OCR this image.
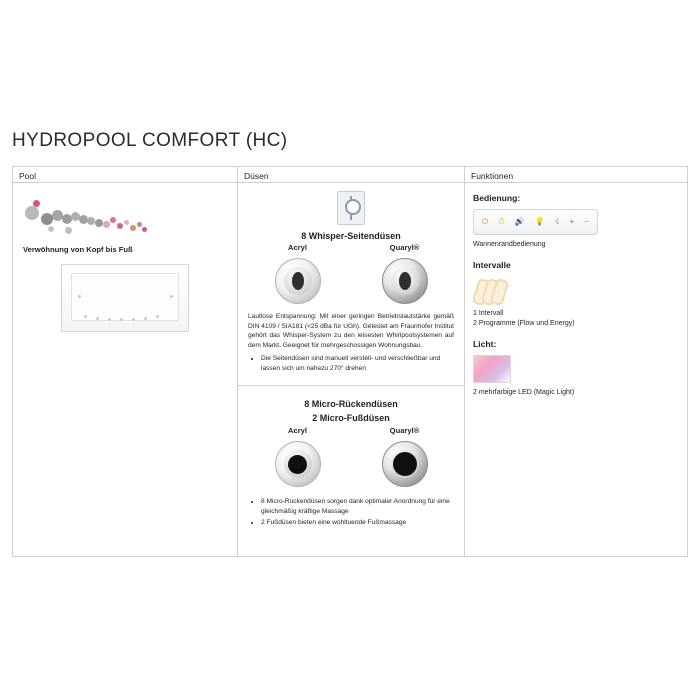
HYDROPOOL COMFORT (HC)
Pool
Verwöhnung von Kopf bis Fuß
Düsen
8 Whisper-Seitendüsen
Acryl	Quaryl®
Lautlose Entspannung: Mit einer geringen Betriebslautstärke gemäß DIN 4109 / SIA181 (<25 dBa für UGh). Getestet am Fraunhofer Institut gehört das Whisper-System zu den leisesten Whirlpoolsystemen auf dem Markt. Geeignet für mehrgeschossigen Wohnungsbau.
• Die Seitendüsen sind manuell verstell- und verschließbar und lassen sich um nahezu 270° drehen
8 Micro-Rückendüsen
2 Micro-Fußdüsen
Acryl	Quaryl®
• 8 Micro-Rückendüsen sorgen dank optimaler Anordnung für eine gleichmäßig kräftige Massage
• 2 Fußdüsen bieten eine wohltuende Fußmassage
Funktionen
Bedienung:
⏻ ⏱ 🔊 💡 ☇ + −
Wannenrandbedienung
Intervalle
1 Intervall
2 Programme (Flow und Energy)
Licht:
2 mehrfarbige LED (Magic Light)
